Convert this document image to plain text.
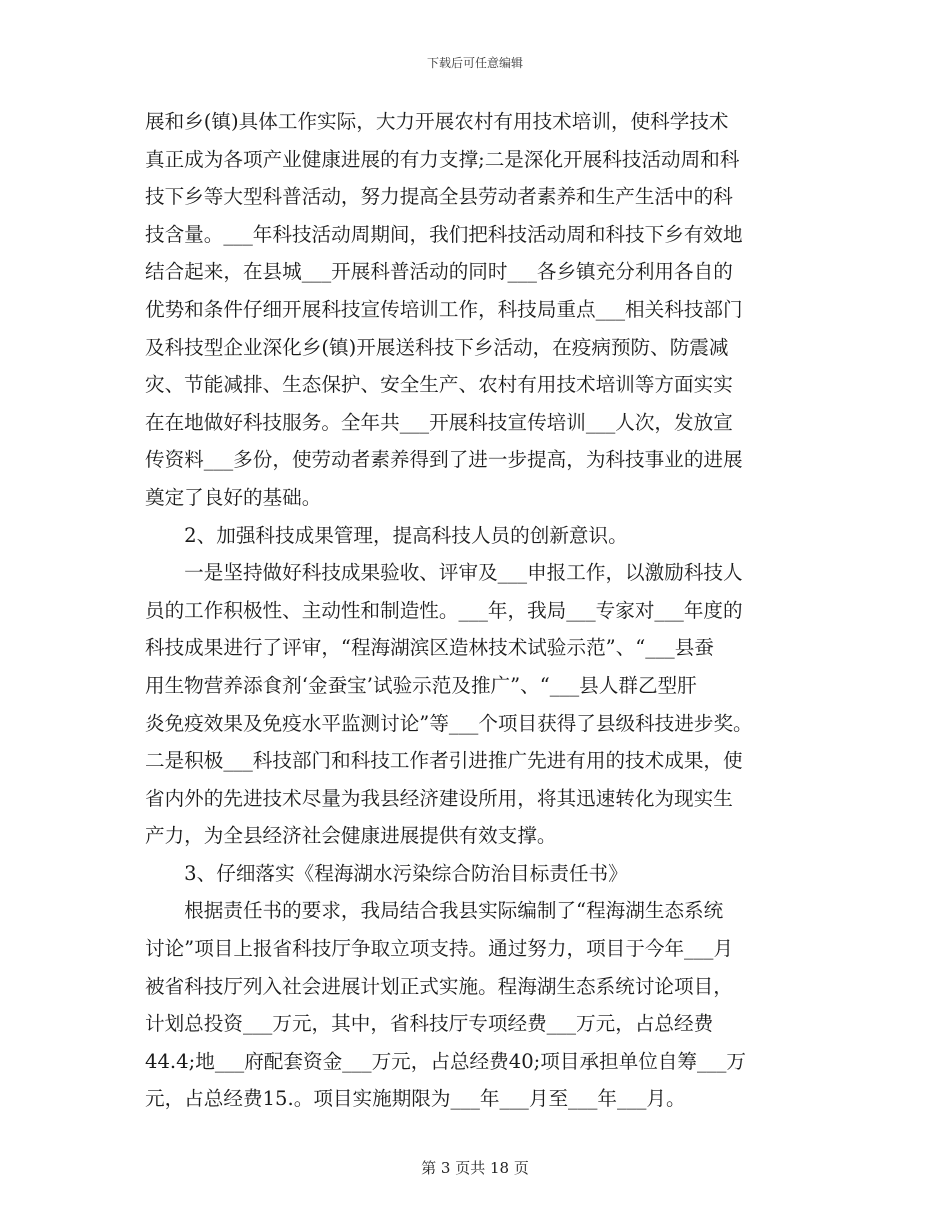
下载后可任意编辑
展和乡(镇)具体工作实际，大力开展农村有用技术培训，使科学技术
真正成为各项产业健康进展的有力支撑;二是深化开展科技活动周和科
技下乡等大型科普活动，努力提高全县劳动者素养和生产生活中的科
技含量。___年科技活动周期间，我们把科技活动周和科技下乡有效地
结合起来，在县城___开展科普活动的同时___各乡镇充分利用各自的
优势和条件仔细开展科技宣传培训工作，科技局重点___相关科技部门
及科技型企业深化乡(镇)开展送科技下乡活动，在疫病预防、防震减
灾、节能减排、生态保护、安全生产、农村有用技术培训等方面实实
在在地做好科技服务。全年共___开展科技宣传培训___人次，发放宣
传资料___多份，使劳动者素养得到了进一步提高，为科技事业的进展
奠定了良好的基础。
　　2、加强科技成果管理，提高科技人员的创新意识。
　　一是坚持做好科技成果验收、评审及___申报工作，以激励科技人
员的工作积极性、主动性和制造性。___年，我局___专家对___年度的
科技成果进行了评审，“程海湖滨区造林技术试验示范”、“___县蚕
用生物营养添食剂‘金蚕宝’试验示范及推广”、“___县人群乙型肝
炎免疫效果及免疫水平监测讨论”等___个项目获得了县级科技进步奖。
二是积极___科技部门和科技工作者引进推广先进有用的技术成果，使
省内外的先进技术尽量为我县经济建设所用，将其迅速转化为现实生
产力，为全县经济社会健康进展提供有效支撑。
　　3、仔细落实《程海湖水污染综合防治目标责任书》
　　根据责任书的要求，我局结合我县实际编制了“程海湖生态系统
讨论”项目上报省科技厅争取立项支持。通过努力，项目于今年___月
被省科技厅列入社会进展计划正式实施。程海湖生态系统讨论项目，
计划总投资___万元，其中，省科技厅专项经费___万元，占总经费
44.4;地___府配套资金___万元，占总经费40;项目承担单位自筹___万
元，占总经费15.。项目实施期限为___年___月至___年___月。
第 3 页共 18 页
